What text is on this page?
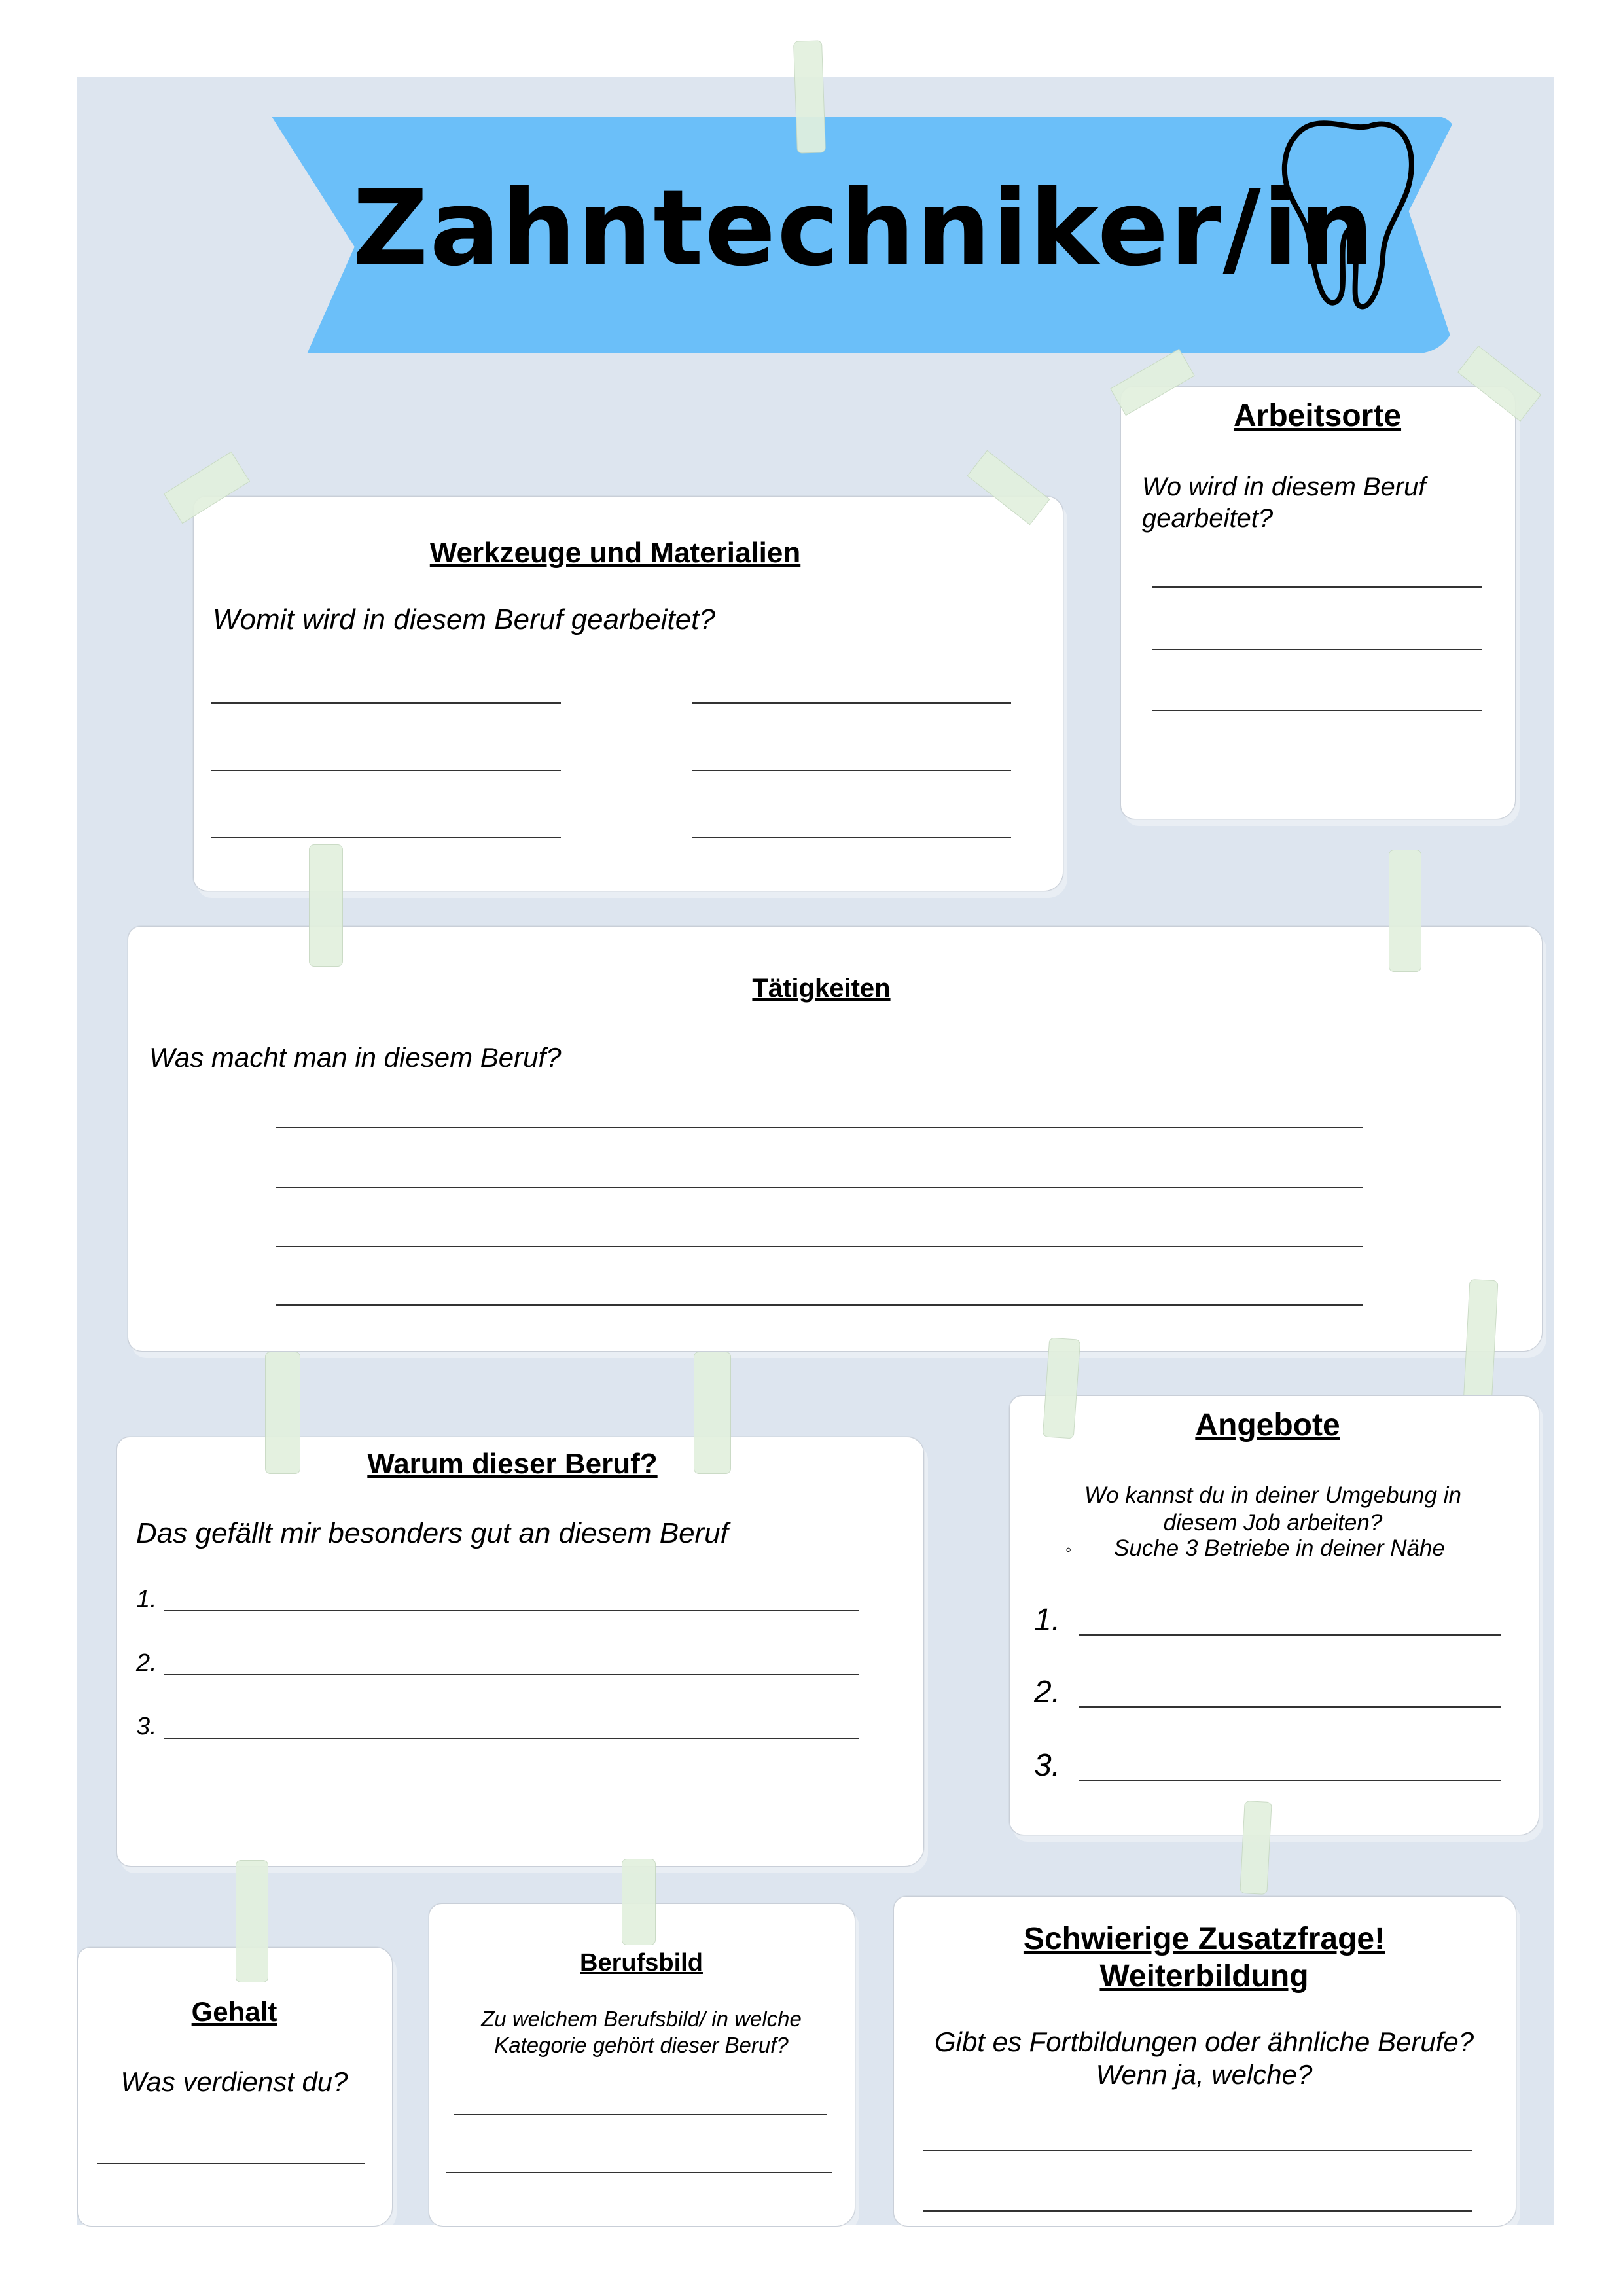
Zahntechniker/in
Werkzeuge und Materialien
Womit wird in diesem Beruf gearbeitet?
Arbeitsorte
Wo wird in diesem Beruf gearbeitet?
Tätigkeiten
Was macht man in diesem Beruf?
Warum dieser Beruf?
Das gefällt mir besonders gut an diesem Beruf
1.
2.
3.
Angebote
Wo kannst du in deiner Umgebung in diesem Job arbeiten?
◦ Suche 3 Betriebe in deiner Nähe
1.
2.
3.
Gehalt
Was verdienst du?
Berufsbild
Zu welchem Berufsbild/ in welche Kategorie gehört dieser Beruf?
Schwierige Zusatzfrage!
Weiterbildung
Gibt es Fortbildungen oder ähnliche Berufe? Wenn ja, welche?
